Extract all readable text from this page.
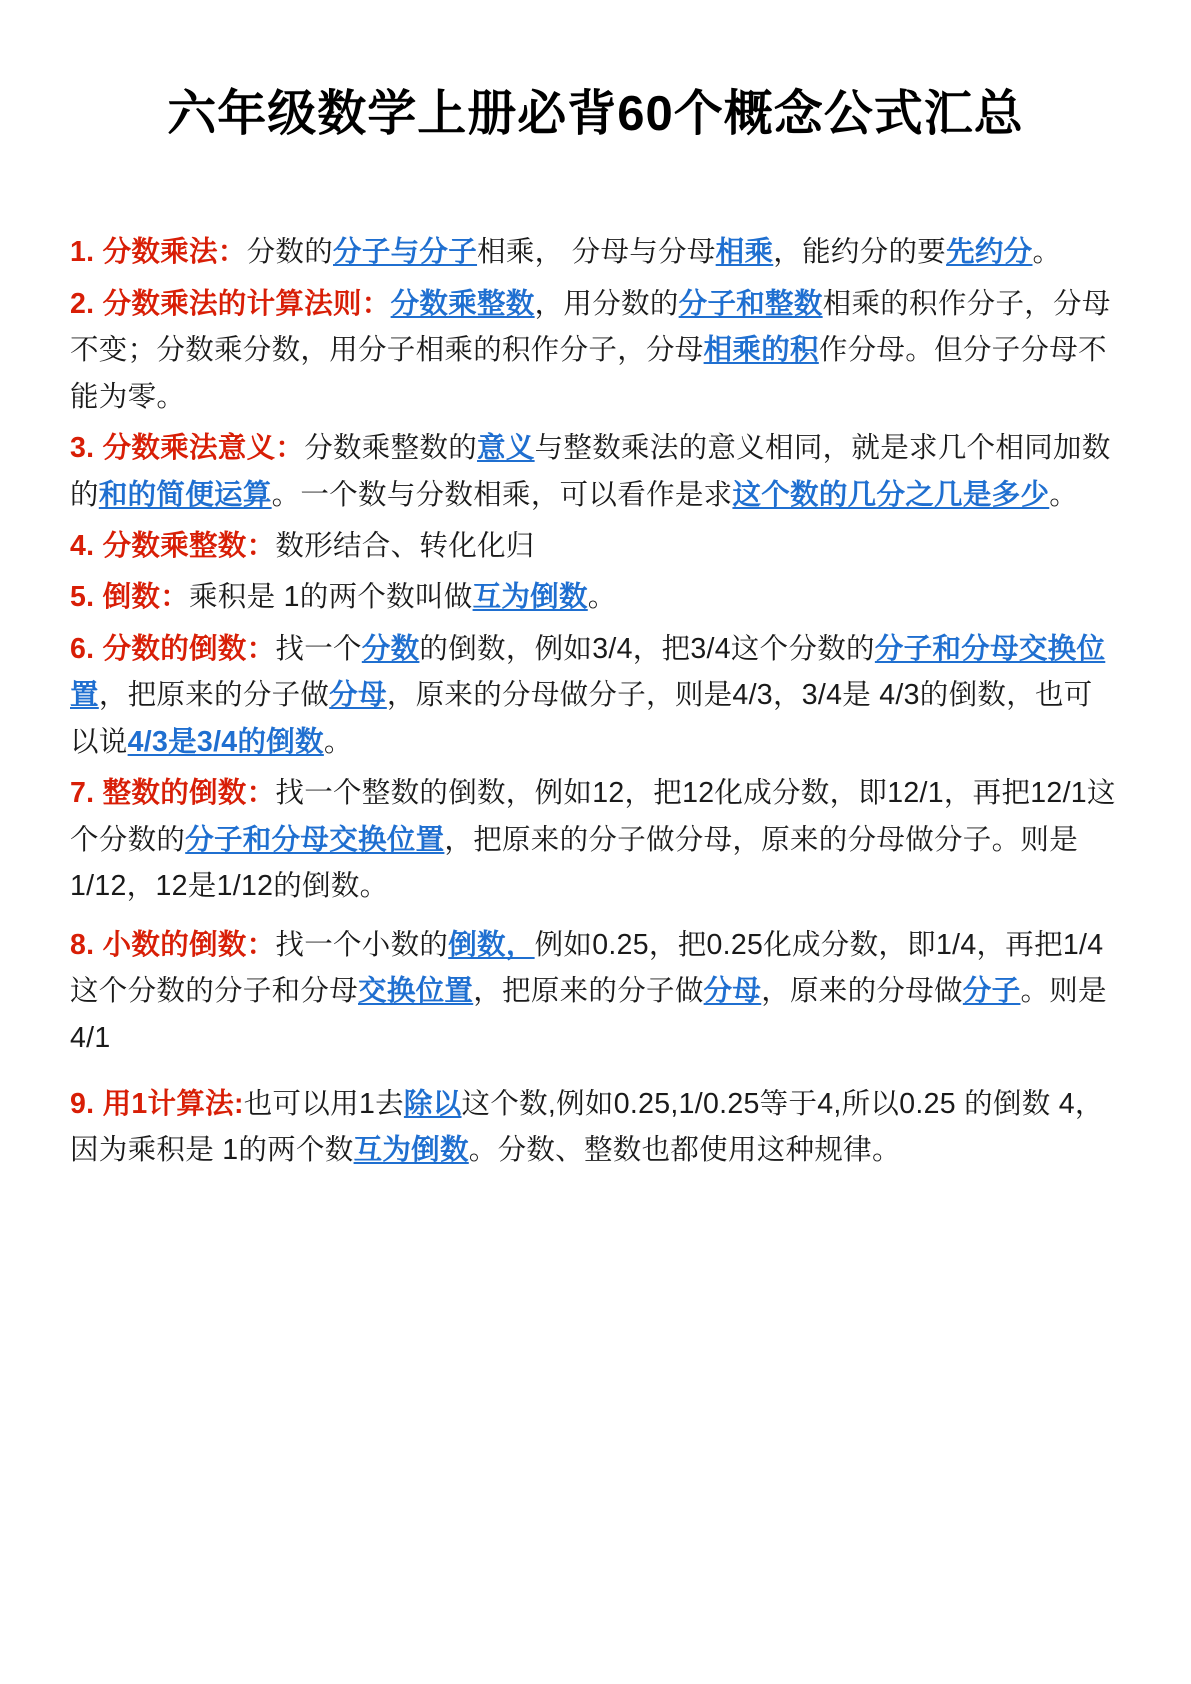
六年级数学上册必背60个概念公式汇总

1. 分数乘法：分数的分子与分子相乘， 分母与分母相乘，能约分的要先约分。

2. 分数乘法的计算法则：分数乘整数，用分数的分子和整数相乘的积作分子，分母不变；分数乘分数，用分子相乘的积作分子，分母相乘的积作分母。但分子分母不能为零。

3. 分数乘法意义：分数乘整数的意义与整数乘法的意义相同，就是求几个相同加数的和的简便运算。一个数与分数相乘，可以看作是求这个数的几分之几是多少。

4. 分数乘整数：数形结合、转化化归

5. 倒数：乘积是 1的两个数叫做互为倒数。

6. 分数的倒数：找一个分数的倒数，例如3/4，把3/4这个分数的分子和分母交换位置，把原来的分子做分母，原来的分母做分子，则是4/3，3/4是 4/3的倒数，也可以说4/3是3/4的倒数。

7. 整数的倒数：找一个整数的倒数，例如12，把12化成分数，即12/1，再把12/1这个分数的分子和分母交换位置，把原来的分子做分母，原来的分母做分子。则是1/12，12是1/12的倒数。

8. 小数的倒数：找一个小数的倒数，例如0.25，把0.25化成分数，即1/4，再把1/4这个分数的分子和分母交换位置，把原来的分子做分母，原来的分母做分子。则是4/1

9. 用1计算法:也可以用1去除以这个数,例如0.25,1/0.25等于4,所以0.25 的倒数 4，因为乘积是 1的两个数互为倒数。分数、整数也都使用这种规律。
